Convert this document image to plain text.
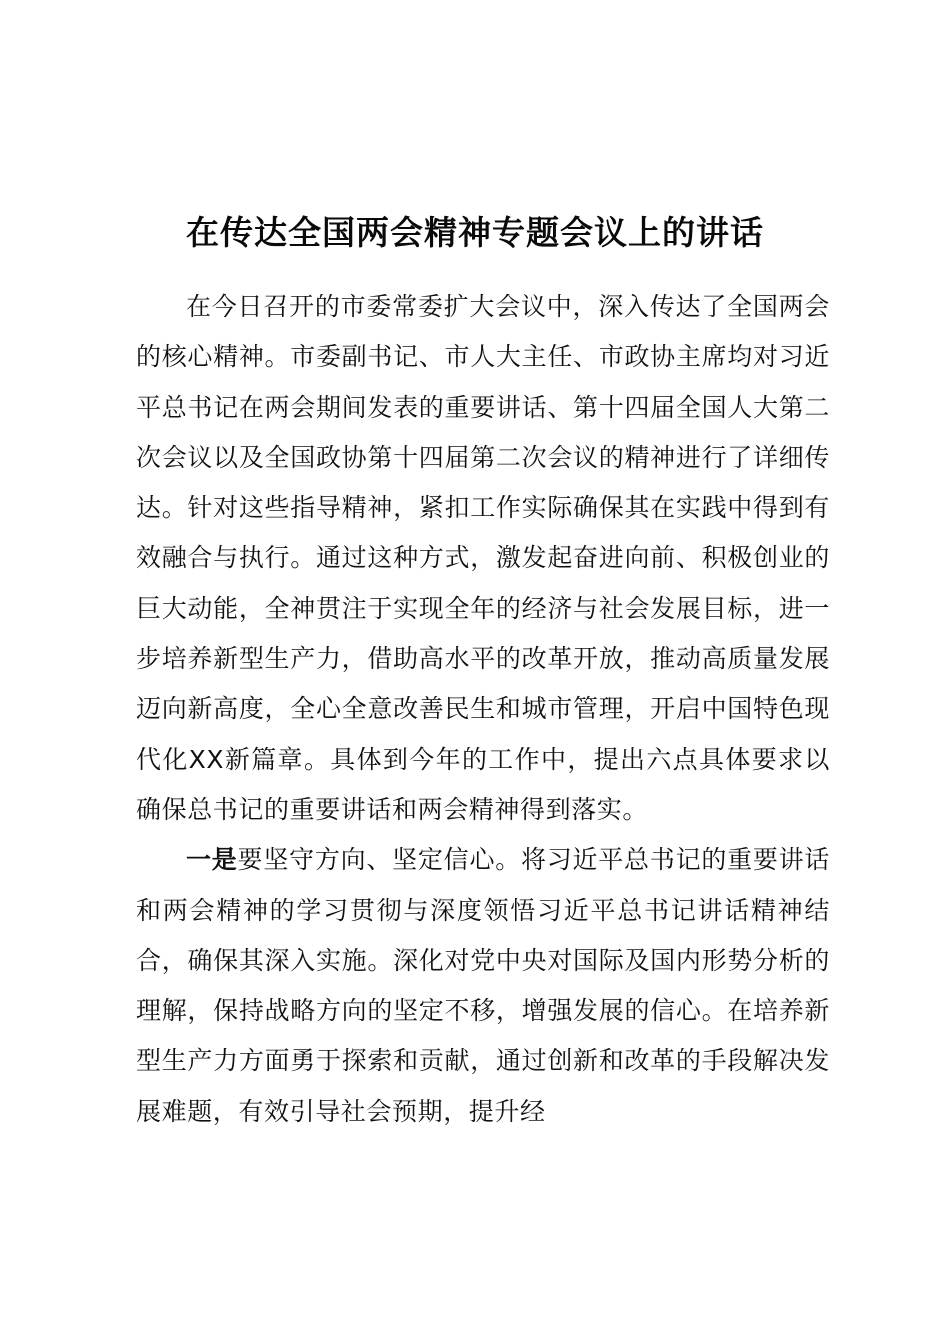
在传达全国两会精神专题会议上的讲话

在今日召开的市委常委扩大会议中，深入传达了全国两会的核心精神。市委副书记、市人大主任、市政协主席均对习近平总书记在两会期间发表的重要讲话、第十四届全国人大第二次会议以及全国政协第十四届第二次会议的精神进行了详细传达。针对这些指导精神，紧扣工作实际确保其在实践中得到有效融合与执行。通过这种方式，激发起奋进向前、积极创业的巨大动能，全神贯注于实现全年的经济与社会发展目标，进一步培养新型生产力，借助高水平的改革开放，推动高质量发展迈向新高度，全心全意改善民生和城市管理，开启中国特色现代化XX新篇章。具体到今年的工作中，提出六点具体要求以确保总书记的重要讲话和两会精神得到落实。

一是要坚守方向、坚定信心。将习近平总书记的重要讲话和两会精神的学习贯彻与深度领悟习近平总书记讲话精神结合，确保其深入实施。深化对党中央对国际及国内形势分析的理解，保持战略方向的坚定不移，增强发展的信心。在培养新型生产力方面勇于探索和贡献，通过创新和改革的手段解决发展难题，有效引导社会预期，提升经
